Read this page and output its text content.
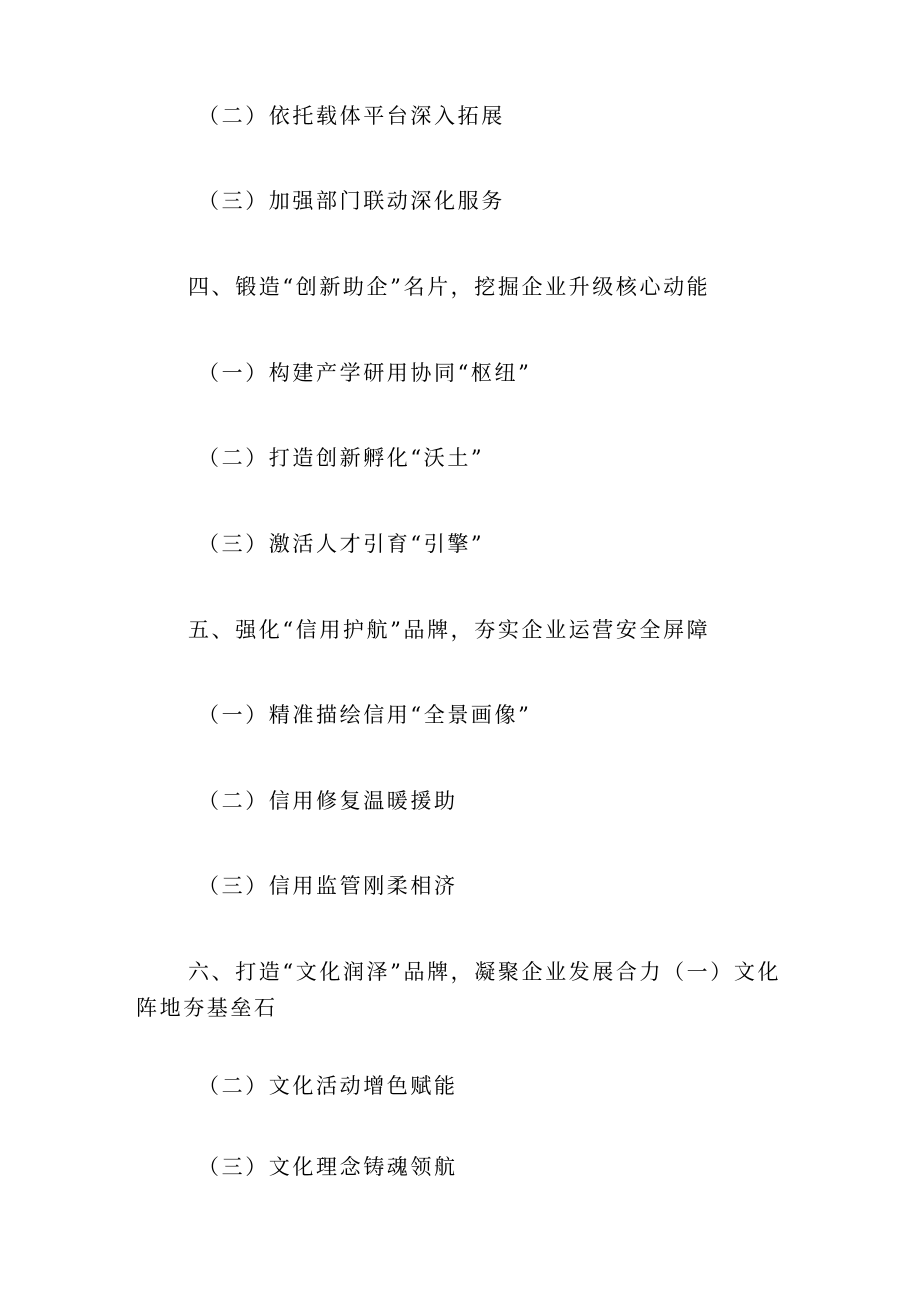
（二）依托载体平台深入拓展
（三）加强部门联动深化服务
四、锻造“创新助企”名片，挖掘企业升级核心动能
（一）构建产学研用协同“枢纽”
（二）打造创新孵化“沃土”
（三）激活人才引育“引擎”
五、强化“信用护航”品牌，夯实企业运营安全屏障
（一）精准描绘信用“全景画像”
（二）信用修复温暖援助
（三）信用监管刚柔相济
六、打造“文化润泽”品牌，凝聚企业发展合力（一）文化阵地夯基垒石
（二）文化活动增色赋能
（三）文化理念铸魂领航
